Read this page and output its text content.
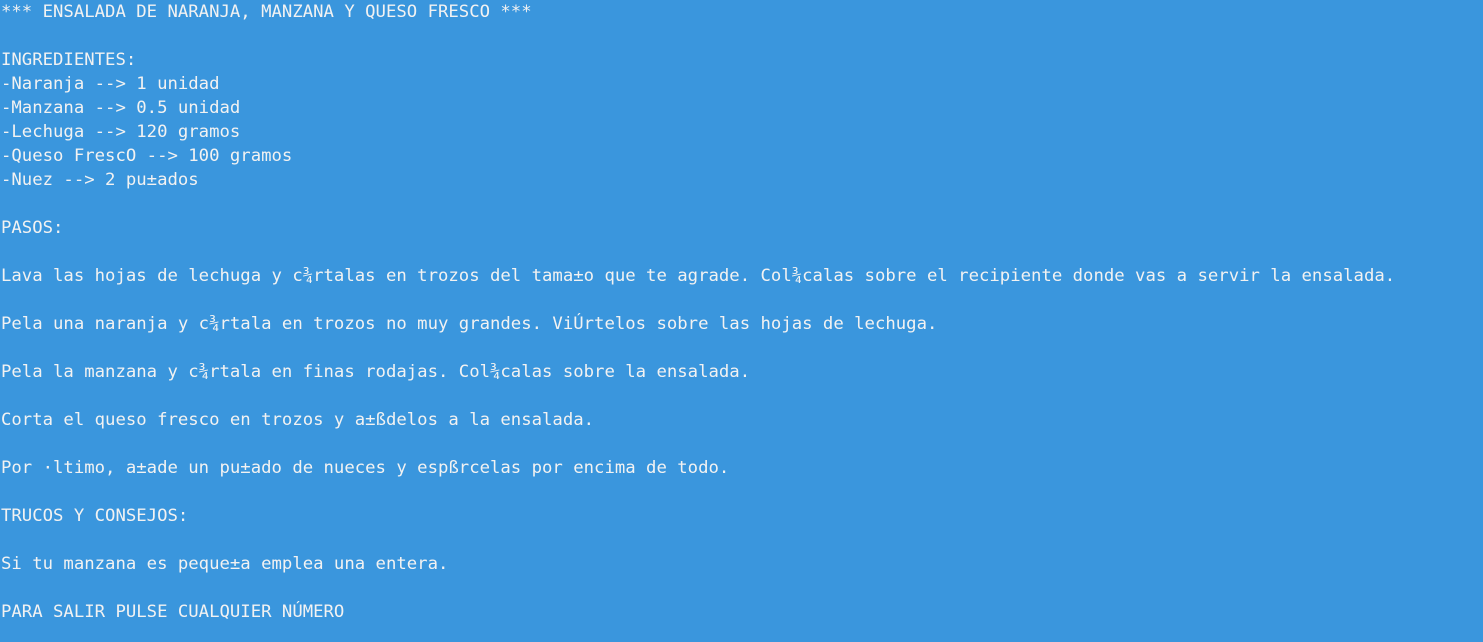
*** ENSALADA DE NARANJA, MANZANA Y QUESO FRESCO ***
INGREDIENTES:
-Naranja --> 1 unidad
-Manzana --> 0.5 unidad
-Lechuga --> 120 gramos
-Queso FrescO --> 100 gramos
-Nuez --> 2 pu±ados
PASOS:
Lava las hojas de lechuga y c¾rtalas en trozos del tama±o que te agrade. Col¾calas sobre el recipiente donde vas a servir la ensalada.
Pela una naranja y c¾rtala en trozos no muy grandes. ViÚrtelos sobre las hojas de lechuga.
Pela la manzana y c¾rtala en finas rodajas. Col¾calas sobre la ensalada.
Corta el queso fresco en trozos y a±ßdelos a la ensalada.
Por ·ltimo, a±ade un pu±ado de nueces y espßrcelas por encima de todo.
TRUCOS Y CONSEJOS:
Si tu manzana es peque±a emplea una entera.
PARA SALIR PULSE CUALQUIER NÚMERO
